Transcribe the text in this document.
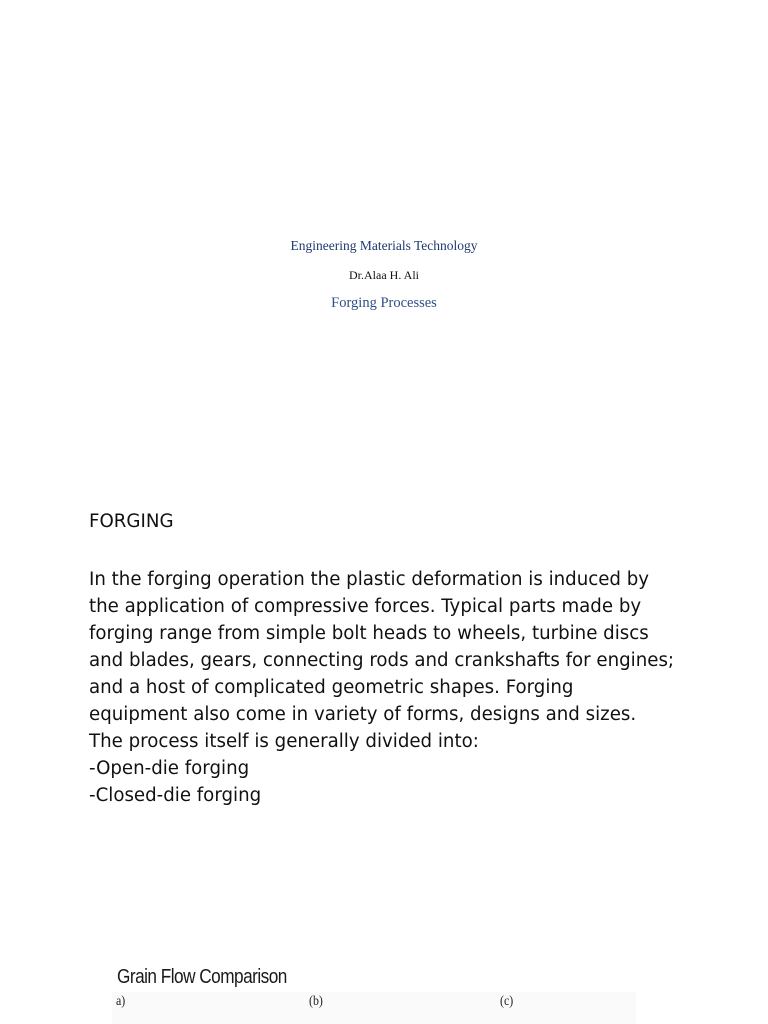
Engineering Materials Technology
Dr.Alaa H. Ali
Forging Processes
FORGING
In the forging operation the plastic deformation is induced by
the application of compressive forces. Typical parts made by
forging range from simple bolt heads to wheels, turbine discs
and blades, gears, connecting rods and crankshafts for engines;
and a host of complicated geometric shapes. Forging
equipment also come in variety of forms, designs and sizes.
The process itself is generally divided into:
-Open-die forging
-Closed-die forging
Grain Flow Comparison
a)	(b)	(c)
